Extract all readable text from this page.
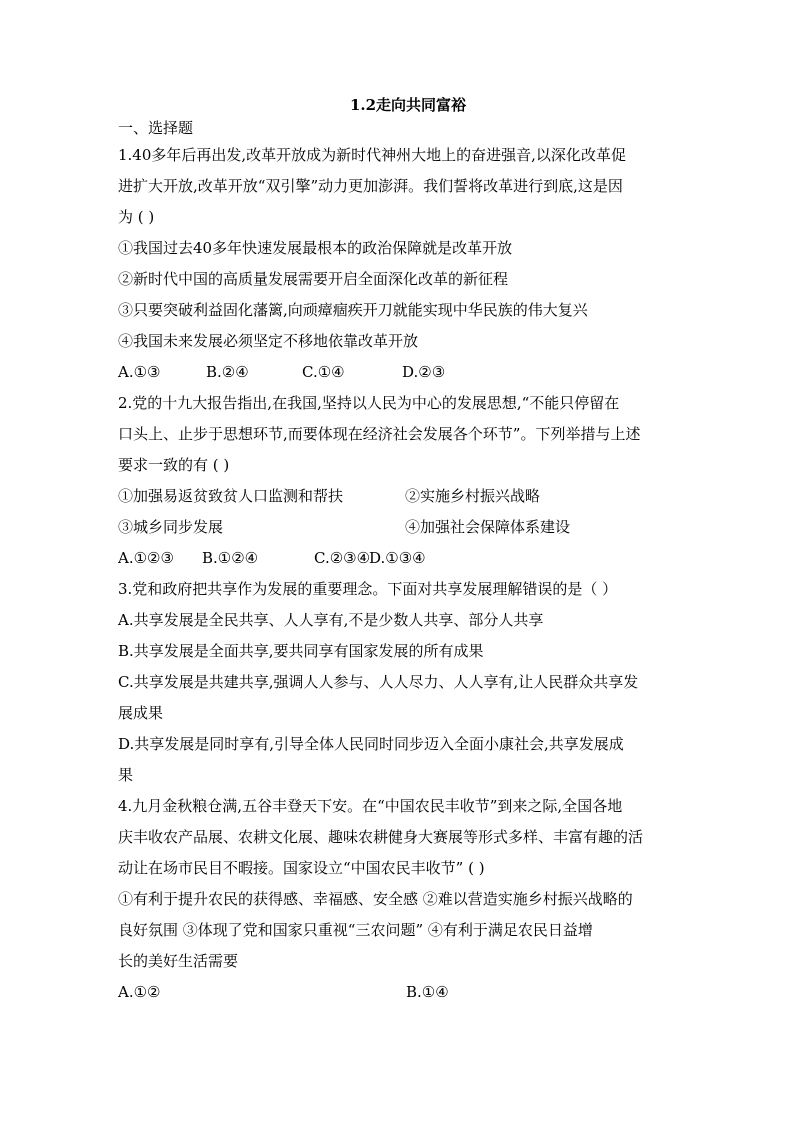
1.2走向共同富裕
一、选择题
1.40多年后再出发,改革开放成为新时代神州大地上的奋进强音,以深化改革促
进扩大开放,改革开放“双引擎”动力更加澎湃。我们誓将改革进行到底,这是因
为 ( )
①我国过去40多年快速发展最根本的政治保障就是改革开放
②新时代中国的高质量发展需要开启全面深化改革的新征程
③只要突破利益固化藩篱,向顽瘴痼疾开刀就能实现中华民族的伟大复兴
④我国未来发展必须坚定不移地依靠改革开放
A.①③	B.②④	C.①④	D.②③
2.党的十九大报告指出,在我国,坚持以人民为中心的发展思想,“不能只停留在
口头上、止步于思想环节,而要体现在经济社会发展各个环节”。下列举措与上述
要求一致的有 ( )
①加强易返贫致贫人口监测和帮扶	②实施乡村振兴战略
③城乡同步发展	④加强社会保障体系建设
A.①②③	B.①②④	C.②③④
D.①③④
3.党和政府把共享作为发展的重要理念。下面对共享发展理解错误的是（ ）
A.共享发展是全民共享、人人享有,不是少数人共享、部分人共享
B.共享发展是全面共享,要共同享有国家发展的所有成果
C.共享发展是共建共享,强调人人参与、人人尽力、人人享有,让人民群众共享发
展成果
D.共享发展是同时享有,引导全体人民同时同步迈入全面小康社会,共享发展成
果
4.九月金秋粮仓满,五谷丰登天下安。在“中国农民丰收节”到来之际,全国各地
庆丰收农产品展、农耕文化展、趣味农耕健身大赛展等形式多样、丰富有趣的活
动让在场市民目不暇接。国家设立“中国农民丰收节” ( )
①有利于提升农民的获得感、幸福感、安全感 ②难以营造实施乡村振兴战略的
良好氛围 ③体现了党和国家只重视“三农问题” ④有利于满足农民日益增
长的美好生活需要
A.①②	B.①④
